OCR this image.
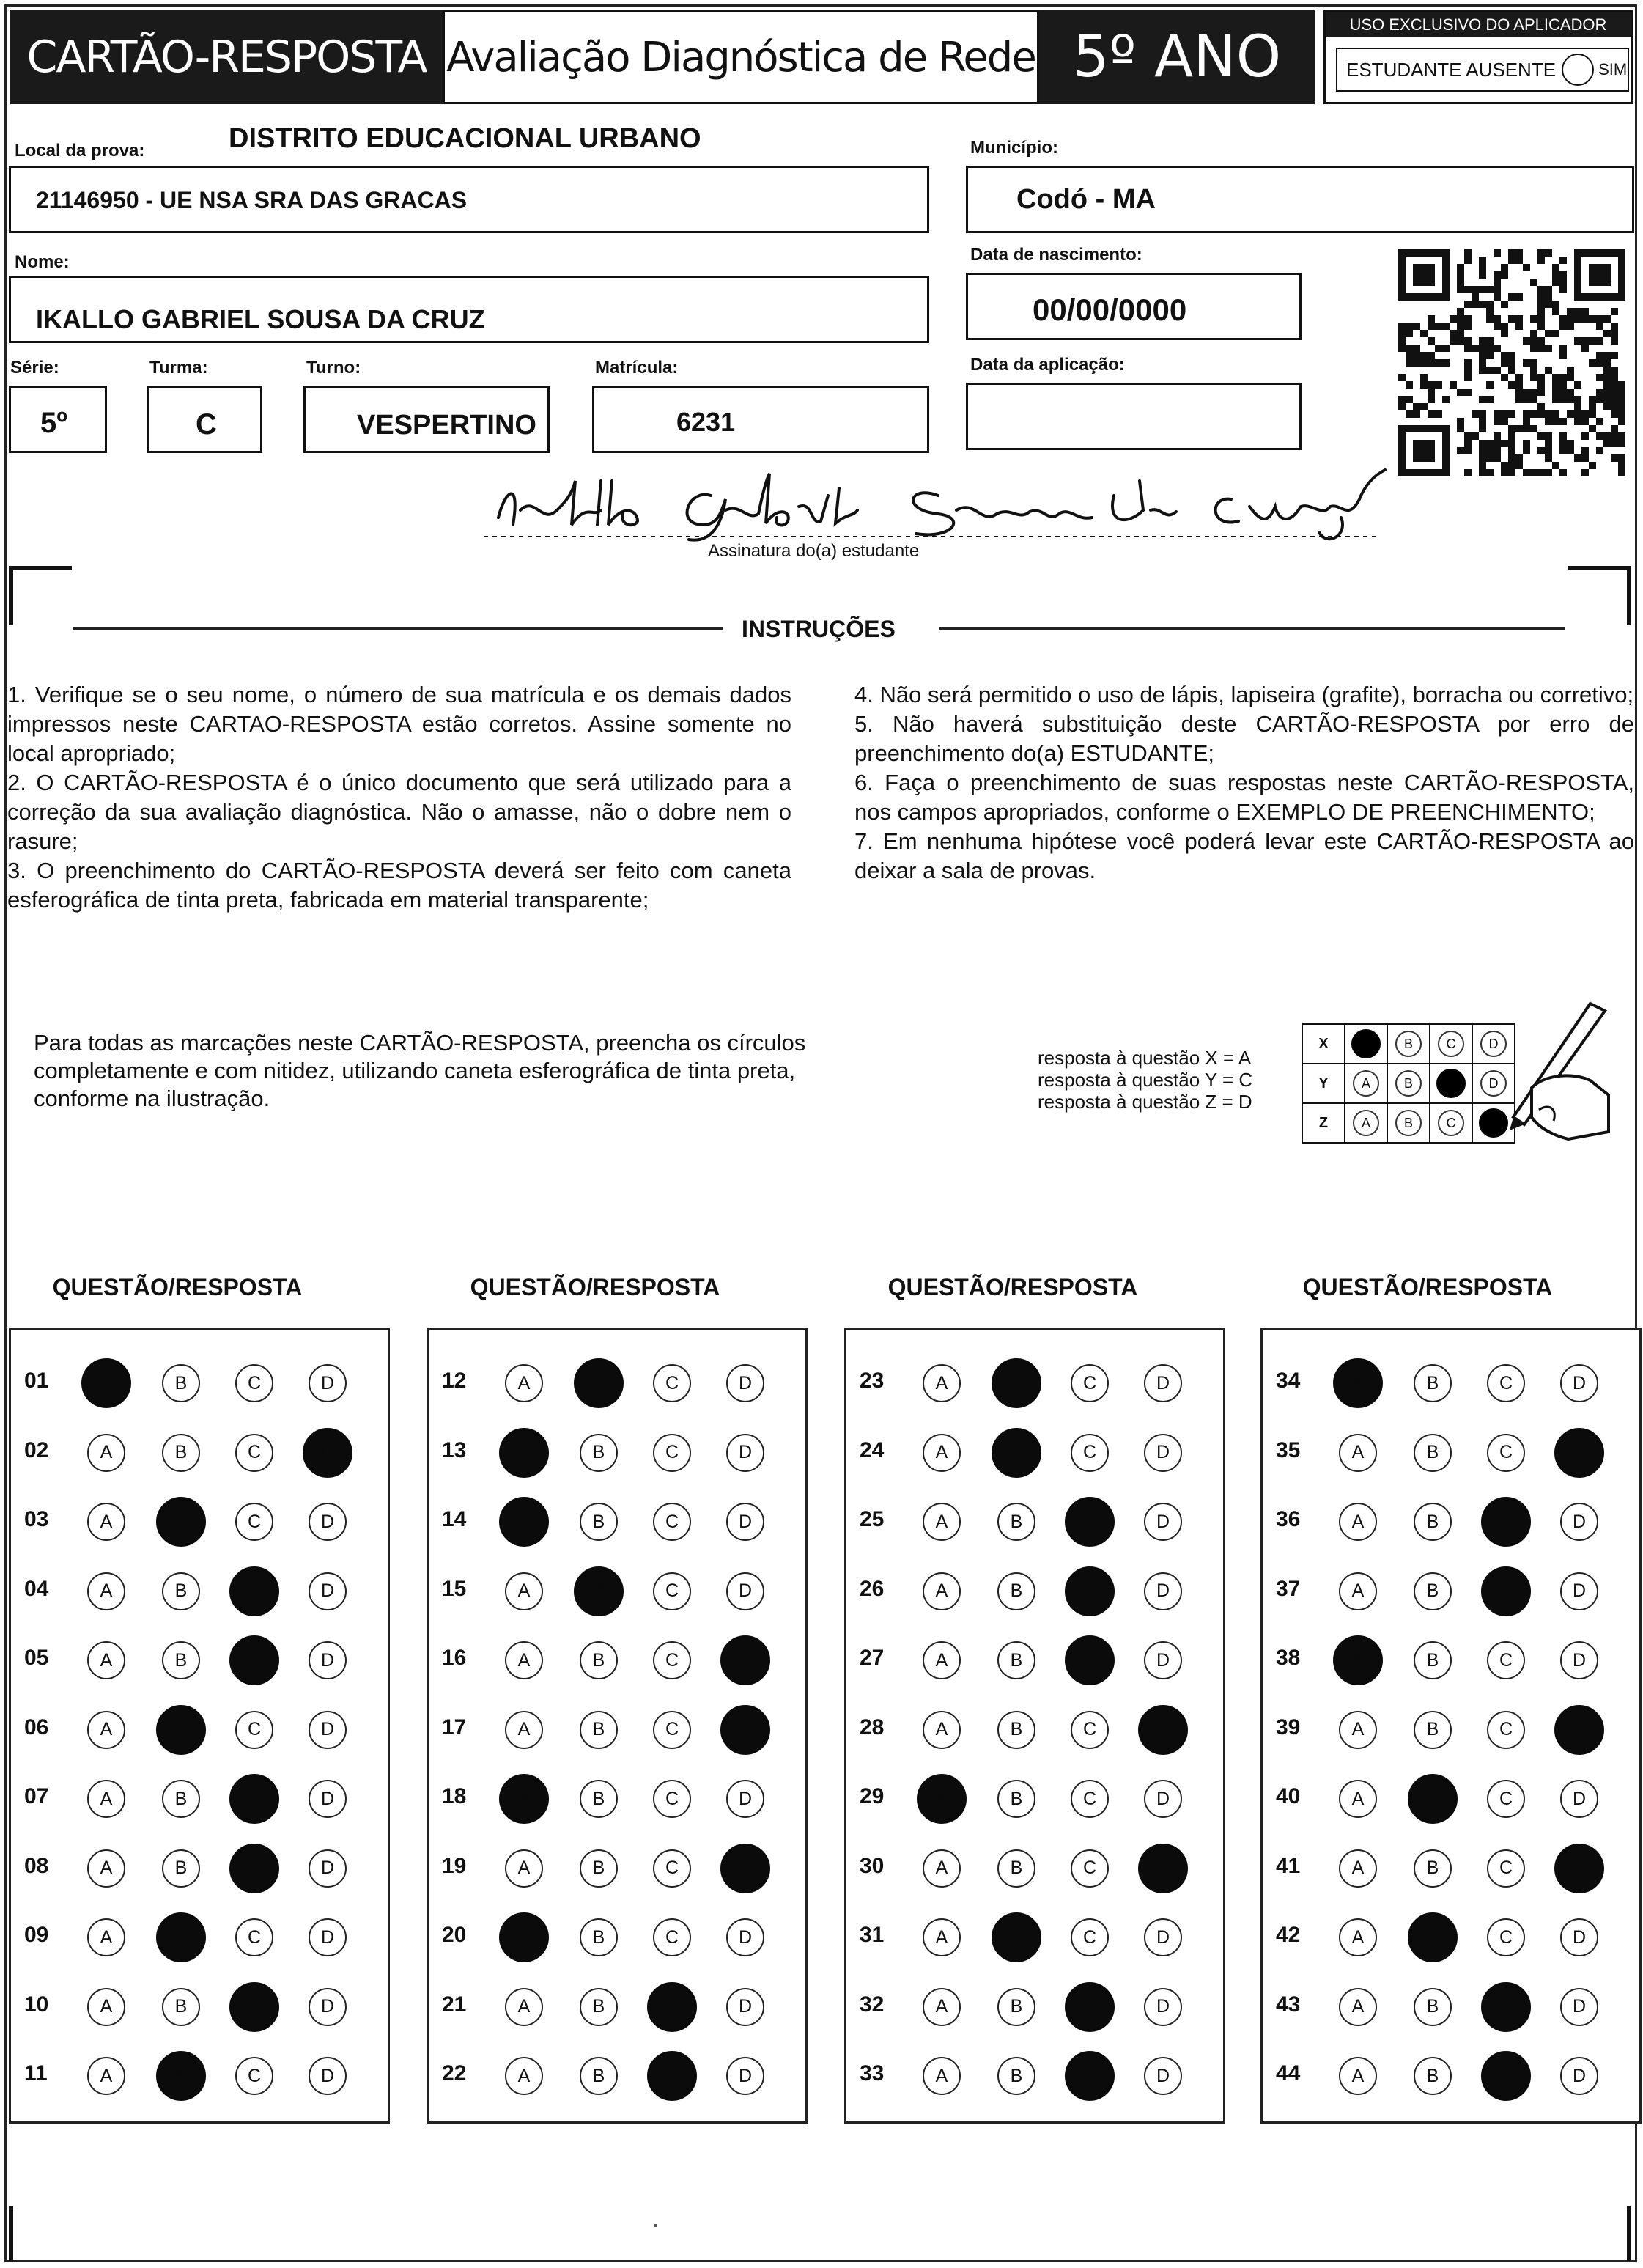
CARTÃO-RESPOSTA Avaliação Diagnóstica de Rede 5º ANO	USO EXCLUSIVO DO APLICADOR
ESTUDANTE AUSENTE	SIM
Local da prova:	DISTRITO EDUCACIONAL URBANO
21146950 - UE NSA SRA DAS GRACAS
Município:
Codó - MA
Nome:
IKALLO GABRIEL SOUSA DA CRUZ
Data de nascimento:
00/00/0000
Série:
5º
Turma:
C
Turno:
VESPERTINO
Matrícula:
6231
Data da aplicação:
Assinatura do(a) estudante
INSTRUÇÕES

1. Verifique se o seu nome, o número de sua matrícula e os demais dados impressos neste CARTAO-RESPOSTA estão corretos. Assine somente no local apropriado;

2. O CARTÃO-RESPOSTA é o único documento que será utilizado para a correção da sua avaliação diagnóstica. Não o amasse, não o dobre nem o rasure;

3. O preenchimento do CARTÃO-RESPOSTA deverá ser feito com caneta esferográfica de tinta preta, fabricada em material transparente;

4. Não será permitido o uso de lápis, lapiseira (grafite), borracha ou corretivo;

5. Não haverá substituição deste CARTÃO-RESPOSTA por erro de preenchimento do(a) ESTUDANTE;

6. Faça o preenchimento de suas respostas neste CARTÃO-RESPOSTA, nos campos apropriados, conforme o EXEMPLO DE PREENCHIMENTO;

7. Em nenhuma hipótese você poderá levar este CARTÃO-RESPOSTA ao deixar a sala de provas.

Para todas as marcações neste CARTÃO-RESPOSTA, preencha os círculos completamente e com nitidez, utilizando caneta esferográfica de tinta preta, conforme na ilustração.
resposta à questão X = A
resposta à questão Y = C
resposta à questão Z = D
X	A	B	C	D
Y	A	B	C	D
Z	A	B	C	D
QUESTÃO/RESPOSTA
01	A	B	C	D
02	A	B	C	D
03	A	B	C	D
04	A	B	C	D
05	A	B	C	D
06	A	B	C	D
07	A	B	C	D
08	A	B	C	D
09	A	B	C	D
10	A	B	C	D
11	A	B	C	D
QUESTÃO/RESPOSTA
12	A	B	C	D
13	A	B	C	D
14	A	B	C	D
15	A	B	C	D
16	A	B	C	D
17	A	B	C	D
18	A	B	C	D
19	A	B	C	D
20	A	B	C	D
21	A	B	C	D
22	A	B	C	D
QUESTÃO/RESPOSTA
23	A	B	C	D
24	A	B	C	D
25	A	B	C	D
26	A	B	C	D
27	A	B	C	D
28	A	B	C	D
29	A	B	C	D
30	A	B	C	D
31	A	B	C	D
32	A	B	C	D
33	A	B	C	D
QUESTÃO/RESPOSTA
34	A	B	C	D
35	A	B	C	D
36	A	B	C	D
37	A	B	C	D
38	A	B	C	D
39	A	B	C	D
40	A	B	C	D
41	A	B	C	D
42	A	B	C	D
43	A	B	C	D
44	A	B	C	D
